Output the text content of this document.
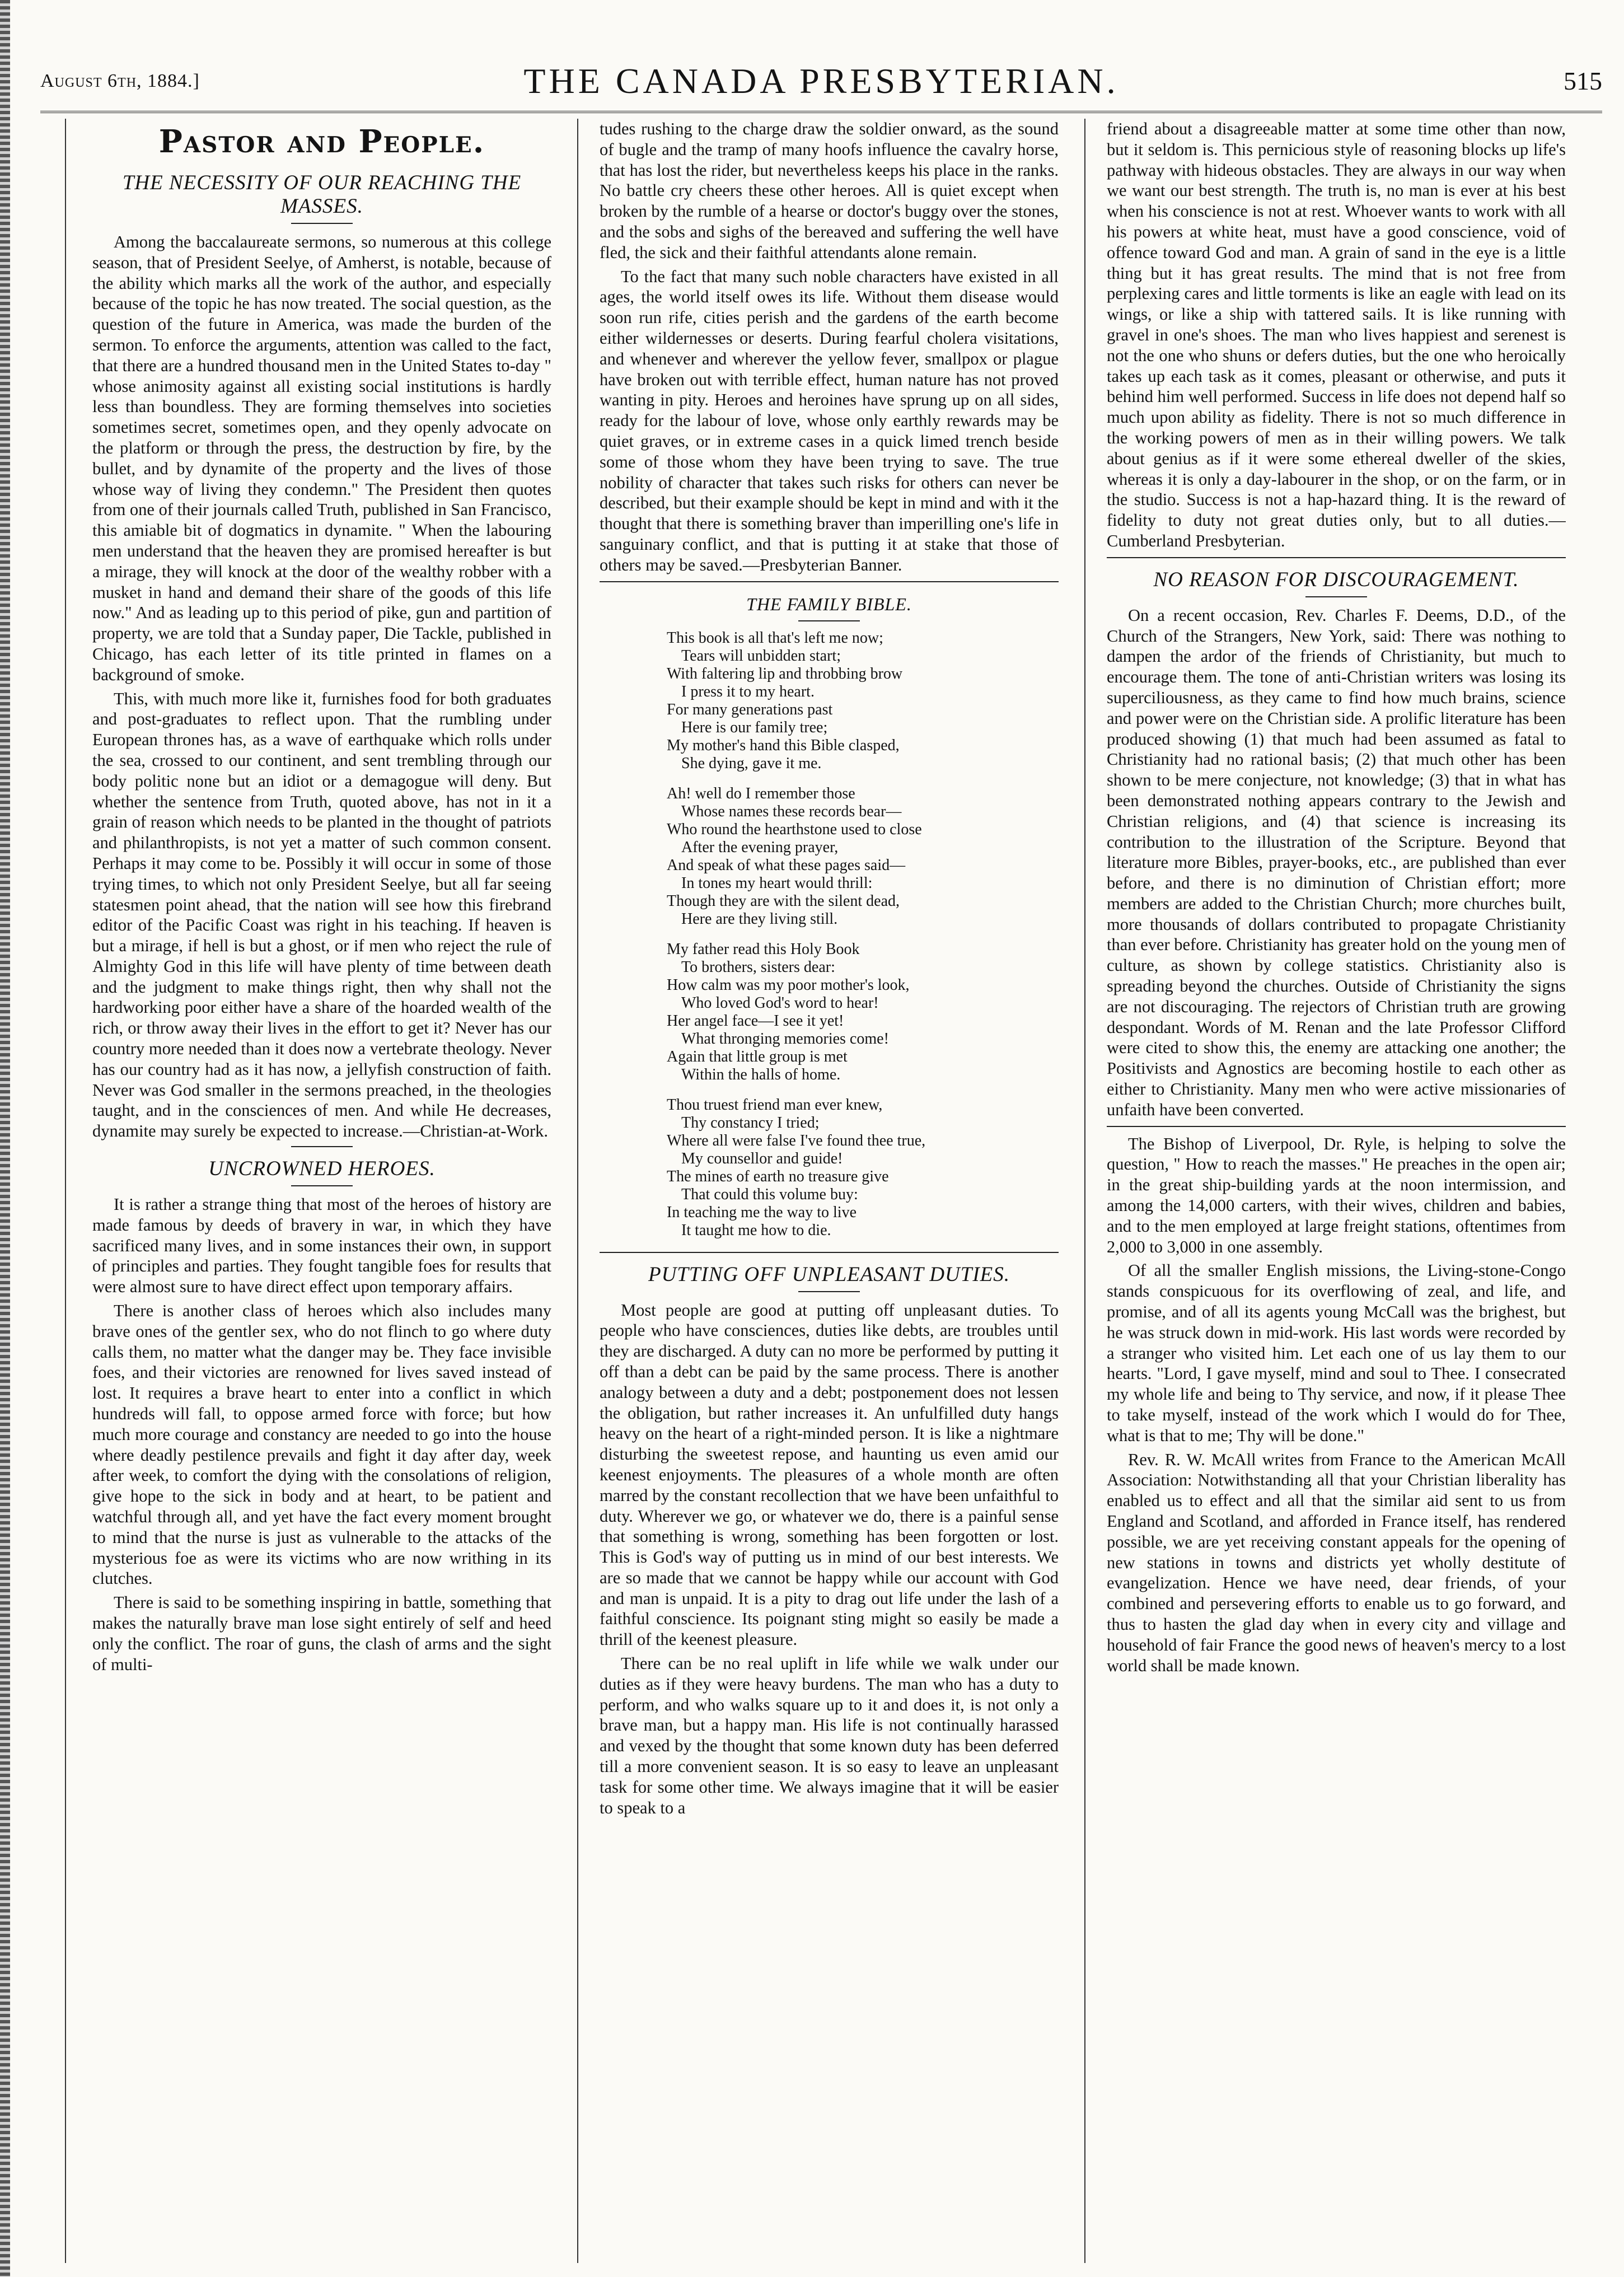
August 6th, 1884.]	THE CANADA PRESBYTERIAN.	515
Pastor and People.
THE NECESSITY OF OUR REACHING THE MASSES.

Among the baccalaureate sermons, so numerous at this college season, that of President Seelye, of Amherst, is notable, because of the ability which marks all the work of the author, and especially because of the topic he has now treated. The social question, as the question of the future in America, was made the burden of the sermon. To enforce the arguments, attention was called to the fact, that there are a hundred thousand men in the United States to-day " whose animosity against all existing social institutions is hardly less than boundless. They are forming themselves into societies sometimes secret, sometimes open, and they openly advocate on the platform or through the press, the destruction by fire, by the bullet, and by dynamite of the property and the lives of those whose way of living they condemn." The President then quotes from one of their journals called Truth, published in San Francisco, this amiable bit of dogmatics in dynamite. " When the labouring men understand that the heaven they are promised hereafter is but a mirage, they will knock at the door of the wealthy robber with a musket in hand and demand their share of the goods of this life now." And as leading up to this period of pike, gun and partition of property, we are told that a Sunday paper, Die Tackle, published in Chicago, has each letter of its title printed in flames on a background of smoke.

This, with much more like it, furnishes food for both graduates and post-graduates to reflect upon. That the rumbling under European thrones has, as a wave of earthquake which rolls under the sea, crossed to our continent, and sent trembling through our body politic none but an idiot or a demagogue will deny. But whether the sentence from Truth, quoted above, has not in it a grain of reason which needs to be planted in the thought of patriots and philanthropists, is not yet a matter of such common consent. Perhaps it may come to be. Possibly it will occur in some of those trying times, to which not only President Seelye, but all far seeing statesmen point ahead, that the nation will see how this firebrand editor of the Pacific Coast was right in his teaching. If heaven is but a mirage, if hell is but a ghost, or if men who reject the rule of Almighty God in this life will have plenty of time between death and the judgment to make things right, then why shall not the hardworking poor either have a share of the hoarded wealth of the rich, or throw away their lives in the effort to get it? Never has our country more needed than it does now a vertebrate theology. Never has our country had as it has now, a jellyfish construction of faith. Never was God smaller in the sermons preached, in the theologies taught, and in the consciences of men. And while He decreases, dynamite may surely be expected to increase.—Christian-at-Work.

UNCROWNED HEROES.

It is rather a strange thing that most of the heroes of history are made famous by deeds of bravery in war, in which they have sacrificed many lives, and in some instances their own, in support of principles and parties. They fought tangible foes for results that were almost sure to have direct effect upon temporary affairs.

There is another class of heroes which also includes many brave ones of the gentler sex, who do not flinch to go where duty calls them, no matter what the danger may be. They face invisible foes, and their victories are renowned for lives saved instead of lost. It requires a brave heart to enter into a conflict in which hundreds will fall, to oppose armed force with force; but how much more courage and constancy are needed to go into the house where deadly pestilence prevails and fight it day after day, week after week, to comfort the dying with the consolations of religion, give hope to the sick in body and at heart, to be patient and watchful through all, and yet have the fact every moment brought to mind that the nurse is just as vulnerable to the attacks of the mysterious foe as were its victims who are now writhing in its clutches.

There is said to be something inspiring in battle, something that makes the naturally brave man lose sight entirely of self and heed only the conflict. The roar of guns, the clash of arms and the sight of multi-

tudes rushing to the charge draw the soldier onward, as the sound of bugle and the tramp of many hoofs influence the cavalry horse, that has lost the rider, but nevertheless keeps his place in the ranks. No battle cry cheers these other heroes. All is quiet except when broken by the rumble of a hearse or doctor's buggy over the stones, and the sobs and sighs of the bereaved and suffering the well have fled, the sick and their faithful attendants alone remain.

To the fact that many such noble characters have existed in all ages, the world itself owes its life. Without them disease would soon run rife, cities perish and the gardens of the earth become either wildernesses or deserts. During fearful cholera visitations, and whenever and wherever the yellow fever, smallpox or plague have broken out with terrible effect, human nature has not proved wanting in pity. Heroes and heroines have sprung up on all sides, ready for the labour of love, whose only earthly rewards may be quiet graves, or in extreme cases in a quick limed trench beside some of those whom they have been trying to save. The true nobility of character that takes such risks for others can never be described, but their example should be kept in mind and with it the thought that there is something braver than imperilling one's life in sanguinary conflict, and that is putting it at stake that those of others may be saved.—Presbyterian Banner.

THE FAMILY BIBLE.
This book is all that's left me now;
Tears will unbidden start;
With faltering lip and throbbing brow
I press it to my heart.
For many generations past
Here is our family tree;
My mother's hand this Bible clasped,
She dying, gave it me.
Ah! well do I remember those
Whose names these records bear—
Who round the hearthstone used to close
After the evening prayer,
And speak of what these pages said—
In tones my heart would thrill:
Though they are with the silent dead,
Here are they living still.
My father read this Holy Book
To brothers, sisters dear:
How calm was my poor mother's look,
Who loved God's word to hear!
Her angel face—I see it yet!
What thronging memories come!
Again that little group is met
Within the halls of home.
Thou truest friend man ever knew,
Thy constancy I tried;
Where all were false I've found thee true,
My counsellor and guide!
The mines of earth no treasure give
That could this volume buy:
In teaching me the way to live
It taught me how to die.
PUTTING OFF UNPLEASANT DUTIES.

Most people are good at putting off unpleasant duties. To people who have consciences, duties like debts, are troubles until they are discharged. A duty can no more be performed by putting it off than a debt can be paid by the same process. There is another analogy between a duty and a debt; postponement does not lessen the obligation, but rather increases it. An unfulfilled duty hangs heavy on the heart of a right-minded person. It is like a nightmare disturbing the sweetest repose, and haunting us even amid our keenest enjoyments. The pleasures of a whole month are often marred by the constant recollection that we have been unfaithful to duty. Wherever we go, or whatever we do, there is a painful sense that something is wrong, something has been forgotten or lost. This is God's way of putting us in mind of our best interests. We are so made that we cannot be happy while our account with God and man is unpaid. It is a pity to drag out life under the lash of a faithful conscience. Its poignant sting might so easily be made a thrill of the keenest pleasure.

There can be no real uplift in life while we walk under our duties as if they were heavy burdens. The man who has a duty to perform, and who walks square up to it and does it, is not only a brave man, but a happy man. His life is not continually harassed and vexed by the thought that some known duty has been deferred till a more convenient season. It is so easy to leave an unpleasant task for some other time. We always imagine that it will be easier to speak to a

friend about a disagreeable matter at some time other than now, but it seldom is. This pernicious style of reasoning blocks up life's pathway with hideous obstacles. They are always in our way when we want our best strength. The truth is, no man is ever at his best when his conscience is not at rest. Whoever wants to work with all his powers at white heat, must have a good conscience, void of offence toward God and man. A grain of sand in the eye is a little thing but it has great results. The mind that is not free from perplexing cares and little torments is like an eagle with lead on its wings, or like a ship with tattered sails. It is like running with gravel in one's shoes. The man who lives happiest and serenest is not the one who shuns or defers duties, but the one who heroically takes up each task as it comes, pleasant or otherwise, and puts it behind him well performed. Success in life does not depend half so much upon ability as fidelity. There is not so much difference in the working powers of men as in their willing powers. We talk about genius as if it were some ethereal dweller of the skies, whereas it is only a day-labourer in the shop, or on the farm, or in the studio. Success is not a hap-hazard thing. It is the reward of fidelity to duty not great duties only, but to all duties.—Cumberland Presbyterian.

NO REASON FOR DISCOURAGEMENT.

On a recent occasion, Rev. Charles F. Deems, D.D., of the Church of the Strangers, New York, said: There was nothing to dampen the ardor of the friends of Christianity, but much to encourage them. The tone of anti-Christian writers was losing its superciliousness, as they came to find how much brains, science and power were on the Christian side. A prolific literature has been produced showing (1) that much had been assumed as fatal to Christianity had no rational basis; (2) that much other has been shown to be mere conjecture, not knowledge; (3) that in what has been demonstrated nothing appears contrary to the Jewish and Christian religions, and (4) that science is increasing its contribution to the illustration of the Scripture. Beyond that literature more Bibles, prayer-books, etc., are published than ever before, and there is no diminution of Christian effort; more members are added to the Christian Church; more churches built, more thousands of dollars contributed to propagate Christianity than ever before. Christianity has greater hold on the young men of culture, as shown by college statistics. Christianity also is spreading beyond the churches. Outside of Christianity the signs are not discouraging. The rejectors of Christian truth are growing despondant. Words of M. Renan and the late Professor Clifford were cited to show this, the enemy are attacking one another; the Positivists and Agnostics are becoming hostile to each other as either to Christianity. Many men who were active missionaries of unfaith have been converted.

The Bishop of Liverpool, Dr. Ryle, is helping to solve the question, " How to reach the masses." He preaches in the open air; in the great ship-building yards at the noon intermission, and among the 14,000 carters, with their wives, children and babies, and to the men employed at large freight stations, oftentimes from 2,000 to 3,000 in one assembly.

Of all the smaller English missions, the Living-stone-Congo stands conspicuous for its overflowing of zeal, and life, and promise, and of all its agents young McCall was the brighest, but he was struck down in mid-work. His last words were recorded by a stranger who visited him. Let each one of us lay them to our hearts. "Lord, I gave myself, mind and soul to Thee. I consecrated my whole life and being to Thy service, and now, if it please Thee to take myself, instead of the work which I would do for Thee, what is that to me; Thy will be done."

Rev. R. W. McAll writes from France to the American McAll Association: Notwithstanding all that your Christian liberality has enabled us to effect and all that the similar aid sent to us from England and Scotland, and afforded in France itself, has rendered possible, we are yet receiving constant appeals for the opening of new stations in towns and districts yet wholly destitute of evangelization. Hence we have need, dear friends, of your combined and persevering efforts to enable us to go forward, and thus to hasten the glad day when in every city and village and household of fair France the good news of heaven's mercy to a lost world shall be made known.
